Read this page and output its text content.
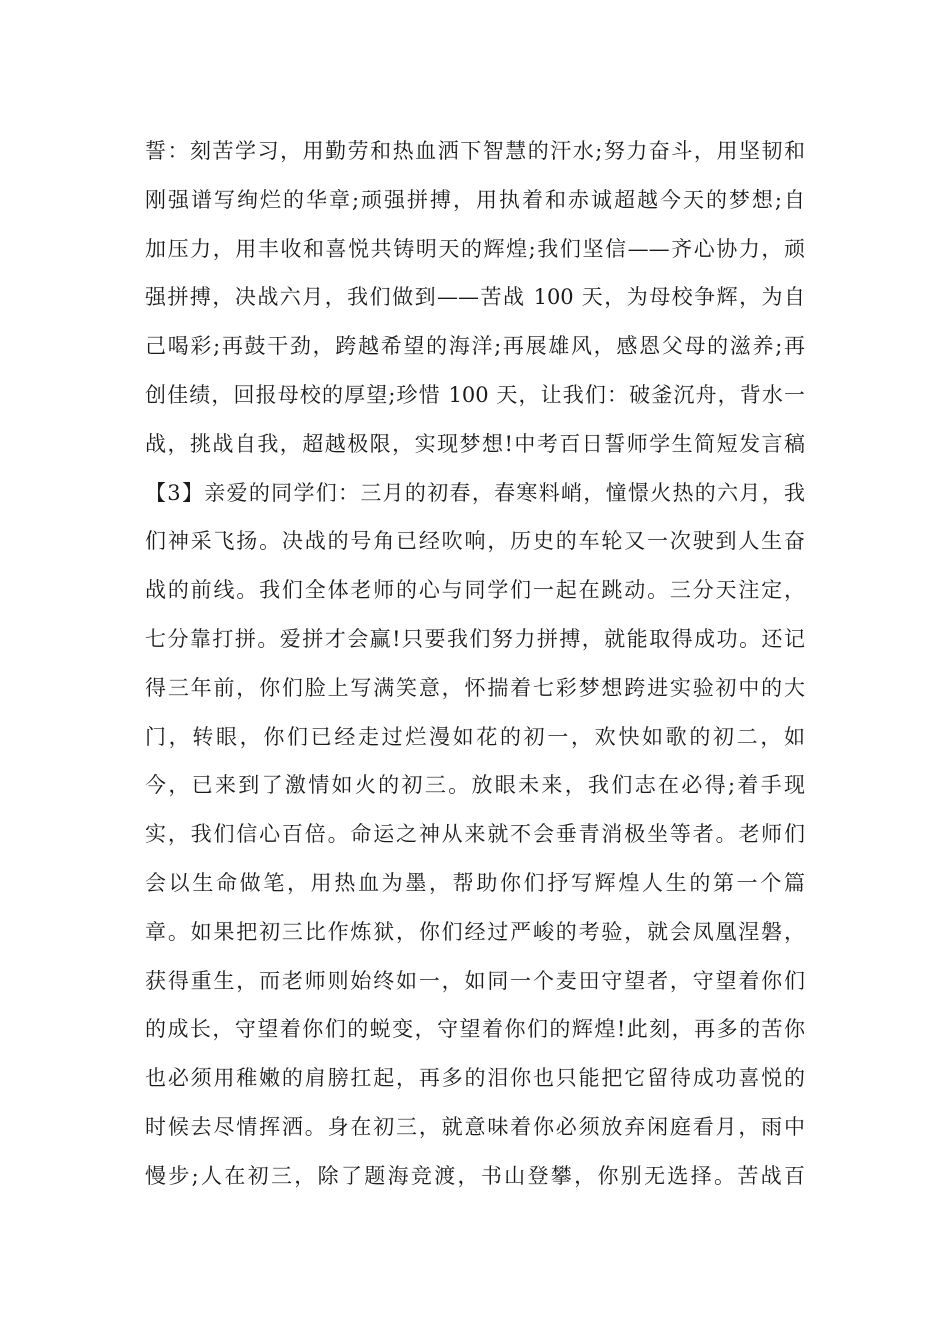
誓：刻苦学习，用勤劳和热血洒下智慧的汗水;努力奋斗，用坚韧和
刚强谱写绚烂的华章;顽强拼搏，用执着和赤诚超越今天的梦想;自
加压力，用丰收和喜悦共铸明天的辉煌;我们坚信——齐心协力，顽
强拼搏，决战六月，我们做到——苦战 100 天，为母校争辉，为自
己喝彩;再鼓干劲，跨越希望的海洋;再展雄风，感恩父母的滋养;再
创佳绩，回报母校的厚望;珍惜 100 天，让我们：破釜沉舟，背水一
战，挑战自我，超越极限，实现梦想!中考百日誓师学生简短发言稿
【3】亲爱的同学们：三月的初春，春寒料峭，憧憬火热的六月，我
们神采飞扬。决战的号角已经吹响，历史的车轮又一次驶到人生奋
战的前线。我们全体老师的心与同学们一起在跳动。三分天注定，
七分靠打拼。爱拼才会赢!只要我们努力拼搏，就能取得成功。还记
得三年前，你们脸上写满笑意，怀揣着七彩梦想跨进实验初中的大
门，转眼，你们已经走过烂漫如花的初一，欢快如歌的初二，如
今，已来到了激情如火的初三。放眼未来，我们志在必得;着手现
实，我们信心百倍。命运之神从来就不会垂青消极坐等者。老师们
会以生命做笔，用热血为墨，帮助你们抒写辉煌人生的第一个篇
章。如果把初三比作炼狱，你们经过严峻的考验，就会凤凰涅磐，
获得重生，而老师则始终如一，如同一个麦田守望者，守望着你们
的成长，守望着你们的蜕变，守望着你们的辉煌!此刻，再多的苦你
也必须用稚嫩的肩膀扛起，再多的泪你也只能把它留待成功喜悦的
时候去尽情挥洒。身在初三，就意味着你必须放弃闲庭看月，雨中
慢步;人在初三，除了题海竞渡，书山登攀，你别无选择。苦战百
